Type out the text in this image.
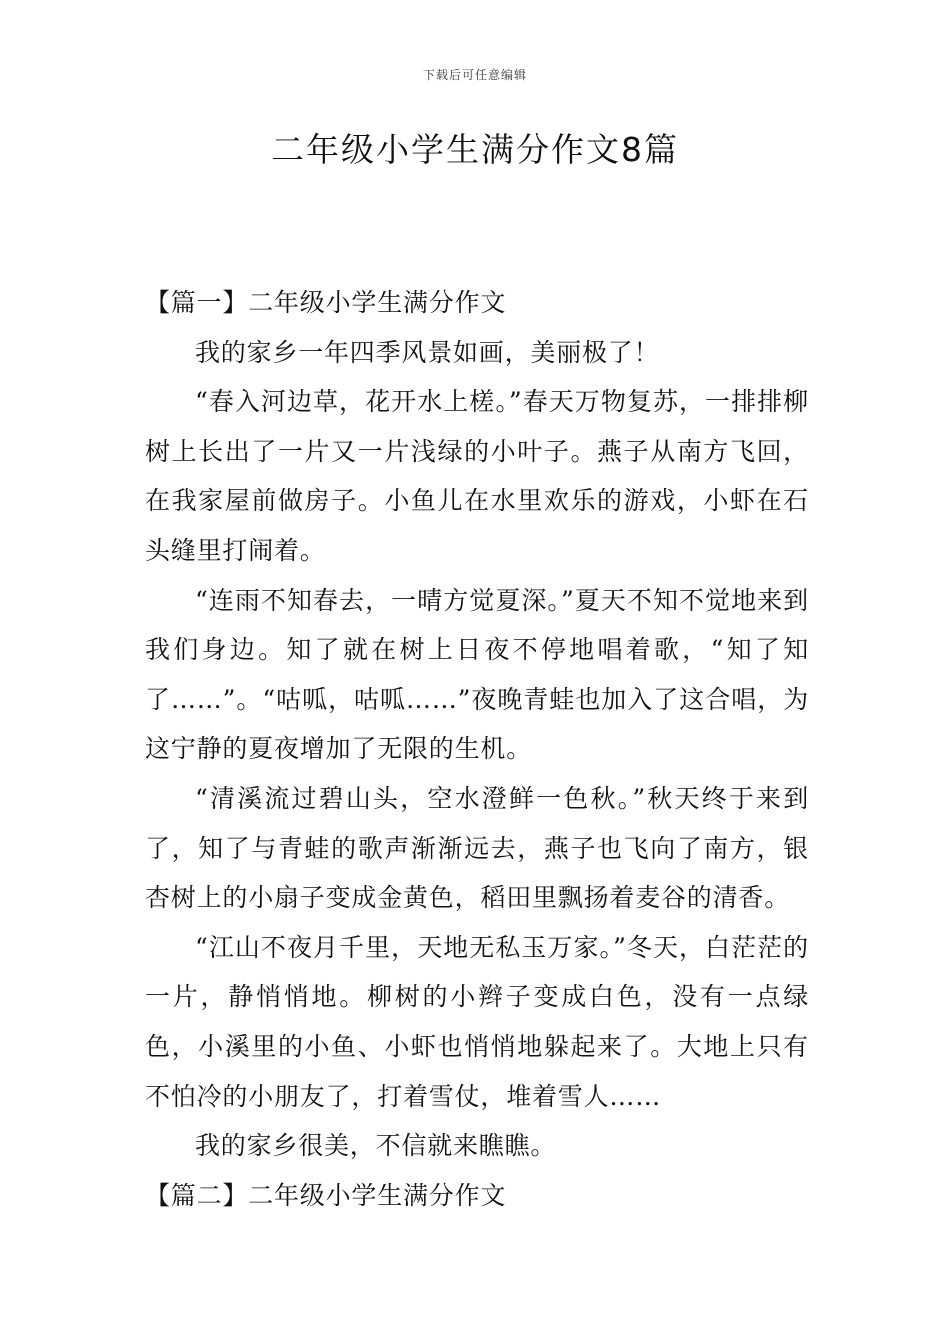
下载后可任意编辑
二年级小学生满分作文8篇

【篇一】二年级小学生满分作文

我的家乡一年四季风景如画，美丽极了！

“春入河边草，花开水上槎。”春天万物复苏，一排排柳树上长出了一片又一片浅绿的小叶子。燕子从南方飞回，在我家屋前做房子。小鱼儿在水里欢乐的游戏，小虾在石头缝里打闹着。

“连雨不知春去，一晴方觉夏深。”夏天不知不觉地来到我们身边。知了就在树上日夜不停地唱着歌，“知了知了……”。“咕呱，咕呱……”夜晚青蛙也加入了这合唱，为这宁静的夏夜增加了无限的生机。

“清溪流过碧山头，空水澄鲜一色秋。”秋天终于来到了，知了与青蛙的歌声渐渐远去，燕子也飞向了南方，银杏树上的小扇子变成金黄色，稻田里飘扬着麦谷的清香。

“江山不夜月千里，天地无私玉万家。”冬天，白茫茫的一片，静悄悄地。柳树的小辫子变成白色，没有一点绿色，小溪里的小鱼、小虾也悄悄地躲起来了。大地上只有不怕冷的小朋友了，打着雪仗，堆着雪人……

我的家乡很美，不信就来瞧瞧。

【篇二】二年级小学生满分作文
